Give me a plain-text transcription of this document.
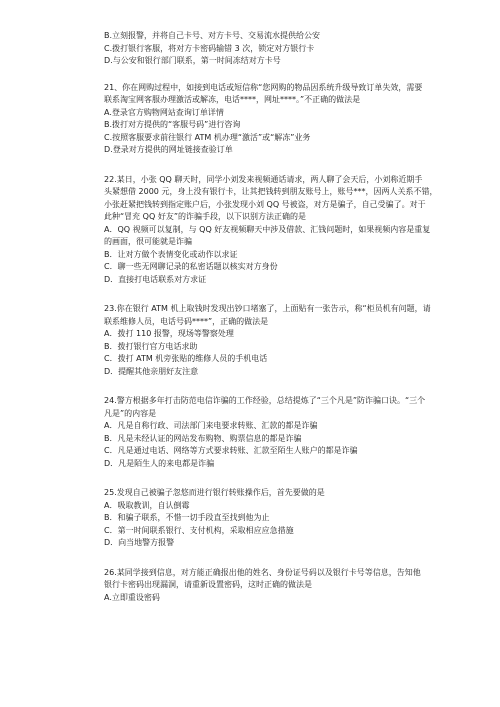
B.立刻报警，并将自己卡号、对方卡号、交易流水提供给公安
C.拨打银行客服，将对方卡密码输错 3 次，锁定对方银行卡
D.与公安和银行部门联系，第一时间冻结对方卡号
21、你在网购过程中，如接到电话或短信称“您网购的物品因系统升级导致订单失效，需要
联系淘宝网客服办理激活或解冻，电话****，网址****。”不正确的做法是
A.登录官方购物网站查询订单详情
B.拨打对方提供的“客服号码”进行咨询
C.按照客服要求前往银行 ATM 机办理“激活”或“解冻”业务
D.登录对方提供的网址链接查验订单
22.某日，小张 QQ 聊天时，同学小刘发来视频通话请求，两人聊了会天后，小刘称近期手
头紧想借 2000 元，身上没有银行卡，让其把钱转到朋友账号上，账号***，因两人关系不错，
小张赶紧把钱转到指定账户后，小张发现小刘 QQ 号被盗，对方是骗子，自己受骗了。对于
此种“冒充 QQ 好友”的诈骗手段，以下识别方法正确的是
A．QQ 视频可以复制，与 QQ 好友视频聊天中涉及借款、汇钱问题时，如果视频内容是重复
的画面，很可能就是诈骗
B．让对方做个表情变化或动作以求证
C．聊一些无网聊记录的私密话题以核实对方身份
D．直接打电话联系对方求证
23.你在银行 ATM 机上取钱时发现出钞口堵塞了，上面贴有一张告示，称“柜员机有问题，请
联系维修人员，电话号码****”，正确的做法是
A．拨打 110 报警，现场等警察处理
B．拨打银行官方电话求助
C．拨打 ATM 机旁张贴的维修人员的手机电话
D．提醒其他亲朋好友注意
24.警方根据多年打击防范电信诈骗的工作经验，总结提炼了“三个凡是”防诈骗口诀。“三个
凡是”的内容是
A．凡是自称行政、司法部门来电要求转账、汇款的都是诈骗
B．凡是未经认证的网站发布购物、购票信息的都是诈骗
C．凡是通过电话、网络等方式要求转账、汇款至陌生人账户的都是诈骗
D．凡是陌生人的来电都是诈骗
25.发现自己被骗子忽悠而进行银行转账操作后，首先要做的是
A．吸取教训，自认倒霉
B．和骗子联系，不惜一切手段直至找到他为止
C．第一时间联系银行、支付机构，采取相应应急措施
D．向当地警方报警
26.某同学接到信息，对方能正确报出他的姓名、身份证号码以及银行卡号等信息，告知他
银行卡密码出现漏洞，请重新设置密码，这时正确的做法是
A.立即重设密码
